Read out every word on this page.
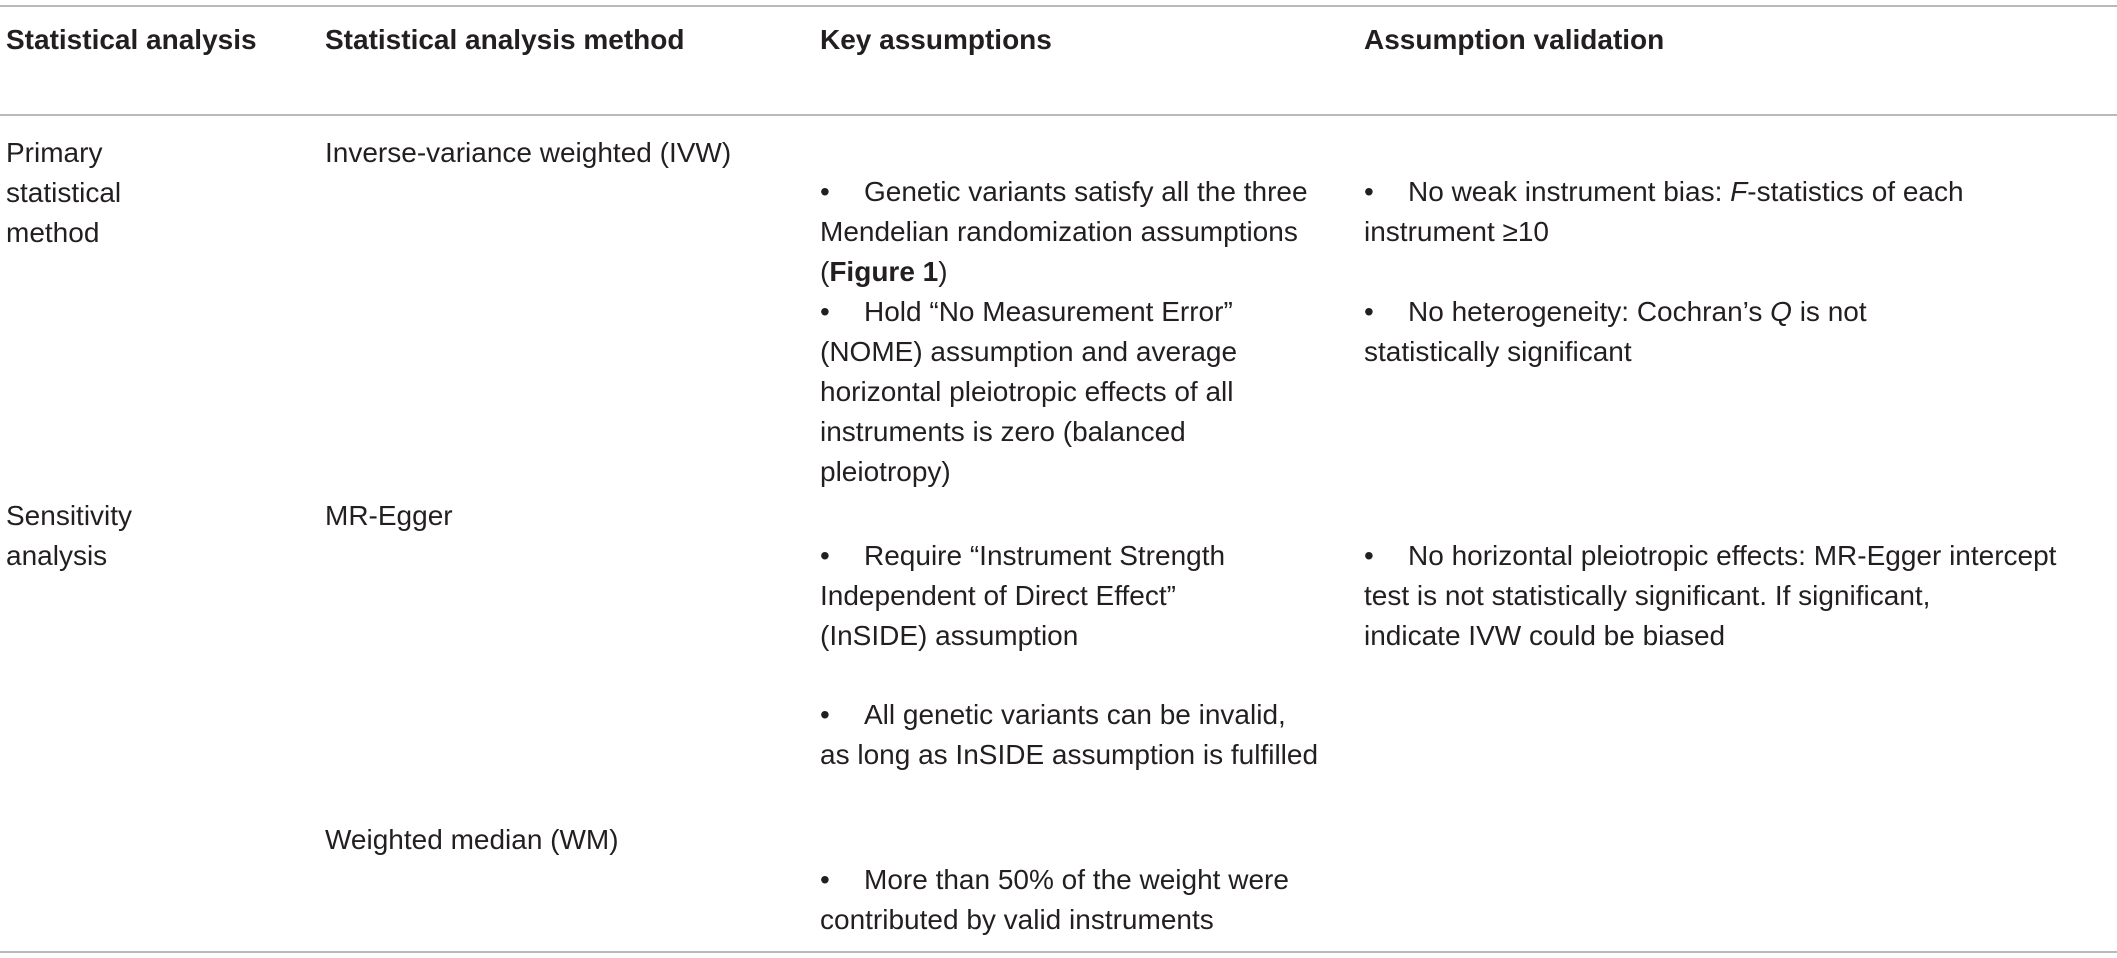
Statistical analysis Statistical analysis method	Key assumptions	Assumption validation
Primary
statistical
method
Inverse-variance weighted (IVW)
• Genetic variants satisfy all the three
Mendelian randomization assumptions
(Figure 1)
• Hold “No Measurement Error”
(NOME) assumption and average
horizontal pleiotropic effects of all
instruments is zero (balanced
pleiotropy)
• No weak instrument bias: F-statistics of each
instrument ≥10
• No heterogeneity: Cochran’s Q is not
statistically significant
Sensitivity
analysis
MR-Egger
• Require “Instrument Strength
Independent of Direct Effect”
(InSIDE) assumption
• All genetic variants can be invalid,
as long as InSIDE assumption is fulfilled
• No horizontal pleiotropic effects: MR-Egger intercept
test is not statistically significant. If significant,
indicate IVW could be biased
Weighted median (WM)
• More than 50% of the weight were
contributed by valid instruments
